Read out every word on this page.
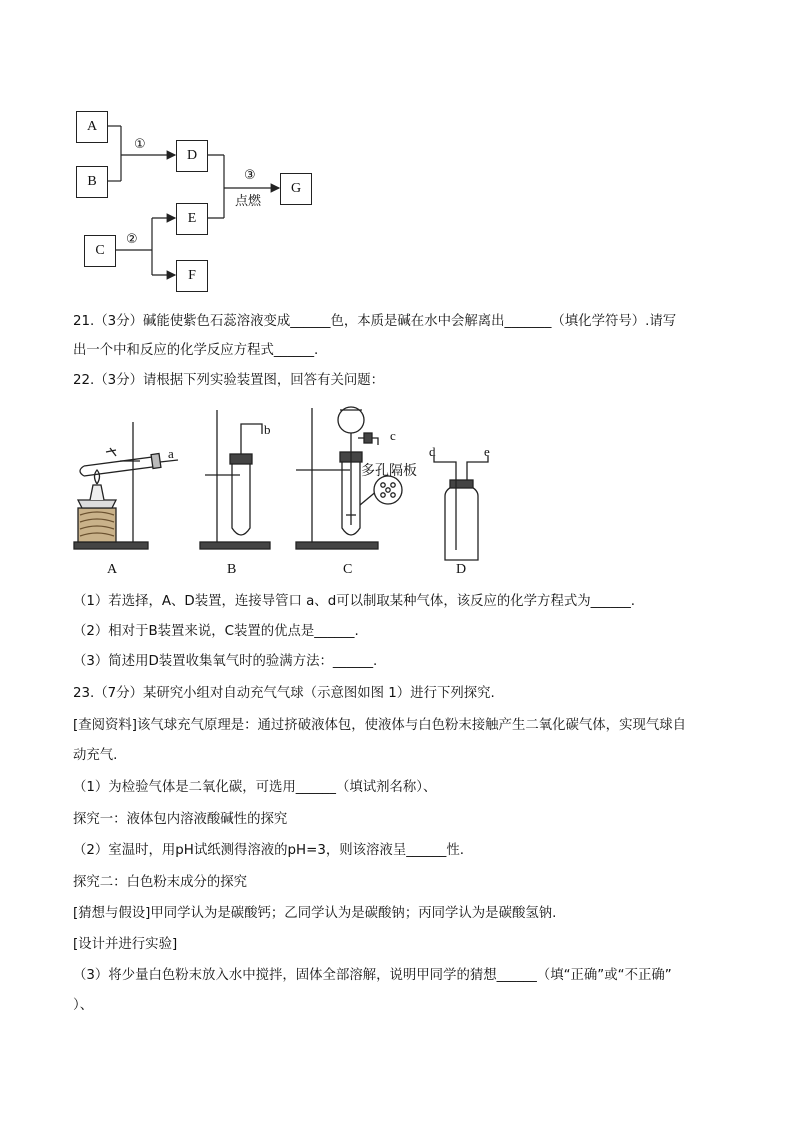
A
B
C
D
E
F
G
①
③
点燃
②
21.（3分）碱能使紫色石蕊溶液变成______色，本质是碱在水中会解离出_______（填化学符号）.请写
出一个中和反应的化学反应方程式______.
22.（3分）请根据下列实验装置图，回答有关问题：
a
b	c
d	e
多孔隔板
A	B	C	D
（1）若选择，A、D装置，连接导管口 a、d可以制取某种气体，该反应的化学方程式为______.
（2）相对于B装置来说，C装置的优点是______.
（3）简述用D装置收集氧气时的验满方法：______.
23.（7分）某研究小组对自动充气气球（示意图如图 1）进行下列探究.
[查阅资料]该气球充气原理是：通过挤破液体包，使液体与白色粉末接触产生二氧化碳气体，实现气球自
动充气.
（1）为检验气体是二氧化碳，可选用______（填试剂名称）、
探究一：液体包内溶液酸碱性的探究
（2）室温时，用pH试纸测得溶液的pH=3，则该溶液呈______性.
探究二：白色粉末成分的探究
[猜想与假设]甲同学认为是碳酸钙；乙同学认为是碳酸钠；丙同学认为是碳酸氢钠.
[设计并进行实验]
（3）将少量白色粉末放入水中搅拌，固体全部溶解，说明甲同学的猜想______（填“正确”或“不正确”
）、
